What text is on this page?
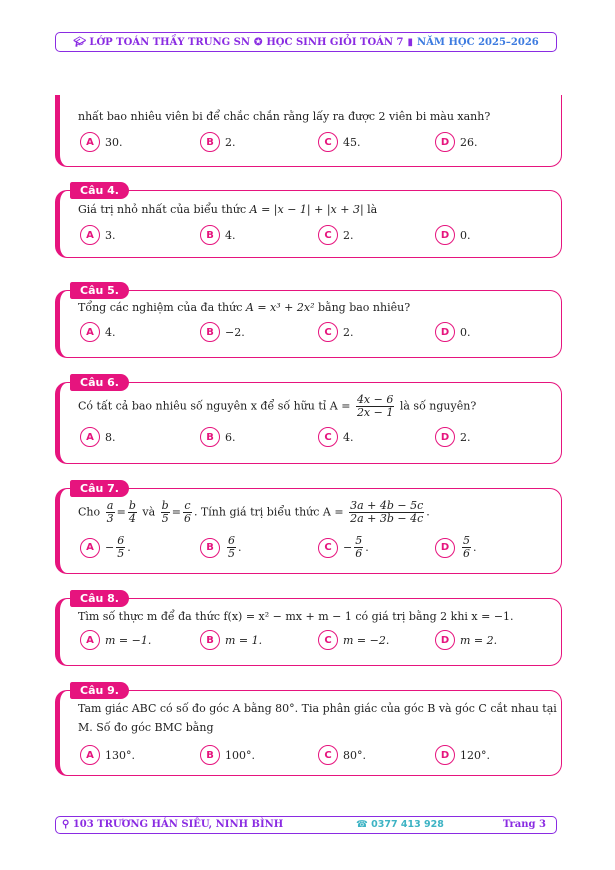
🎓︎
LỚP TOÁN THẦY TRUNG SN ✪ HỌC SINH GIỎI TOÁN 7 ▮ NĂM HỌC 2025–2026
nhất bao nhiêu viên bi để chắc chắn rằng lấy ra được 2 viên bi màu xanh?
A	30.	B	2.	C	45.	D 26.
Câu 4.
Giá trị nhỏ nhất của biểu thức A = |x − 1| + |x + 3| là
A	3.	B	4.	C	2.	D 0.
Câu 5.
Tổng các nghiệm của đa thức A = x³ + 2x² bằng bao nhiêu?
A	4.	B	−2.	C	2.	D 0.
Câu 6.
Có tất cả bao nhiêu số nguyên x để số hữu tỉ $A = \frac{4x - 6}{2x - 1}$ là số nguyên?
A	8.	B	6.	C	4.	D 2.
Câu 7.
Cho $\frac{a}{3} = \frac{b}{4}$ và $\frac{b}{5} = \frac{c}{6}$ . Tính giá trị biểu thức $A = \frac{3a + 4b - 5c}{2a + 3b - 4c}$ .
A	− $\frac{6}{5}$ .	B	$\frac{6}{5}$ .	C	− $\frac{5}{6}$ .	D	$\frac{5}{6}$ .
Câu 8.
Tìm số thực m để đa thức f(x) = x² − mx + m − 1 có giá trị bằng 2 khi x = −1.
A	m = −1.	B	m = 1.	C	m = −2.	D m = 2.
Câu 9.
Tam giác ABC có số đo góc A bằng 80°. Tia phân giác của góc B và góc C cắt nhau tại
M. Số đo góc BMC bằng
A	130°.	B	100°.	C	80°.	D 120°.
⚲ 103 TRƯƠNG HÁN SIÊU, NINH BÌNH	☎ 0377 413 928	Trang 3
